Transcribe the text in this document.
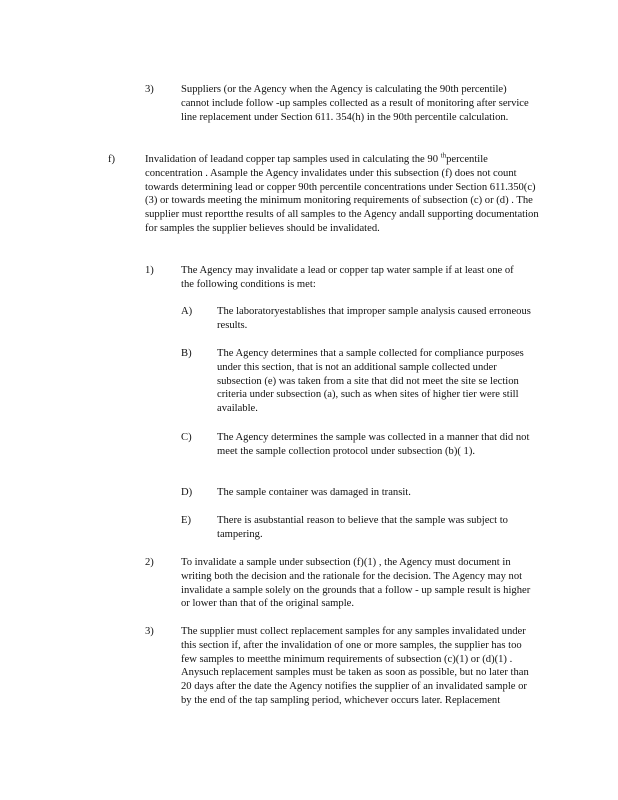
3)	Suppliers (or the Agency when the Agency is calculating the 90th percentile) cannot include follow -up samples collected as a result of monitoring after service line replacement under Section 611. 354(h) in the 90th percentile calculation.
f)	Invalidation of leadand copper tap samples used in calculating the 90 $^{th}$percentile concentration . Asample the Agency invalidates under this subsection (f) does not count towards determining lead or copper 90th percentile concentrations under Section 611.350(c)(3) or towards meeting the minimum monitoring requirements of subsection (c) or (d) . The supplier must reportthe results of all samples to the Agency andall supporting documentation for samples the supplier believes should be invalidated.
1)	The Agency may invalidate a lead or copper tap water sample if at least one of the following conditions is met:
A) The laboratoryestablishes that improper sample analysis caused erroneous results.
B) The Agency determines that a sample collected for compliance purposes under this section, that is not an additional sample collected under subsection (e) was taken from a site that did not meet the site se lection criteria under subsection (a), such as when sites of higher tier were still available.
C) The Agency determines the sample was collected in a manner that did not meet the sample collection protocol under subsection (b)( 1).
D) The sample container was damaged in transit.
E) There is asubstantial reason to believe that the sample was subject to tampering.
2)	To invalidate a sample under subsection (f)(1) , the Agency must document in writing both the decision and the rationale for the decision. The Agency may not invalidate a sample solely on the grounds that a follow - up sample result is higher or lower than that of the original sample.
3)	The supplier must collect replacement samples for any samples invalidated under this section if, after the invalidation of one or more samples, the supplier has too few samples to meetthe minimum requirements of subsection (c)(1) or (d)(1) . Anysuch replacement samples must be taken as soon as possible, but no later than 20 days after the date the Agency notifies the supplier of an invalidated sample or by the end of the tap sampling period, whichever occurs later. Replacement
